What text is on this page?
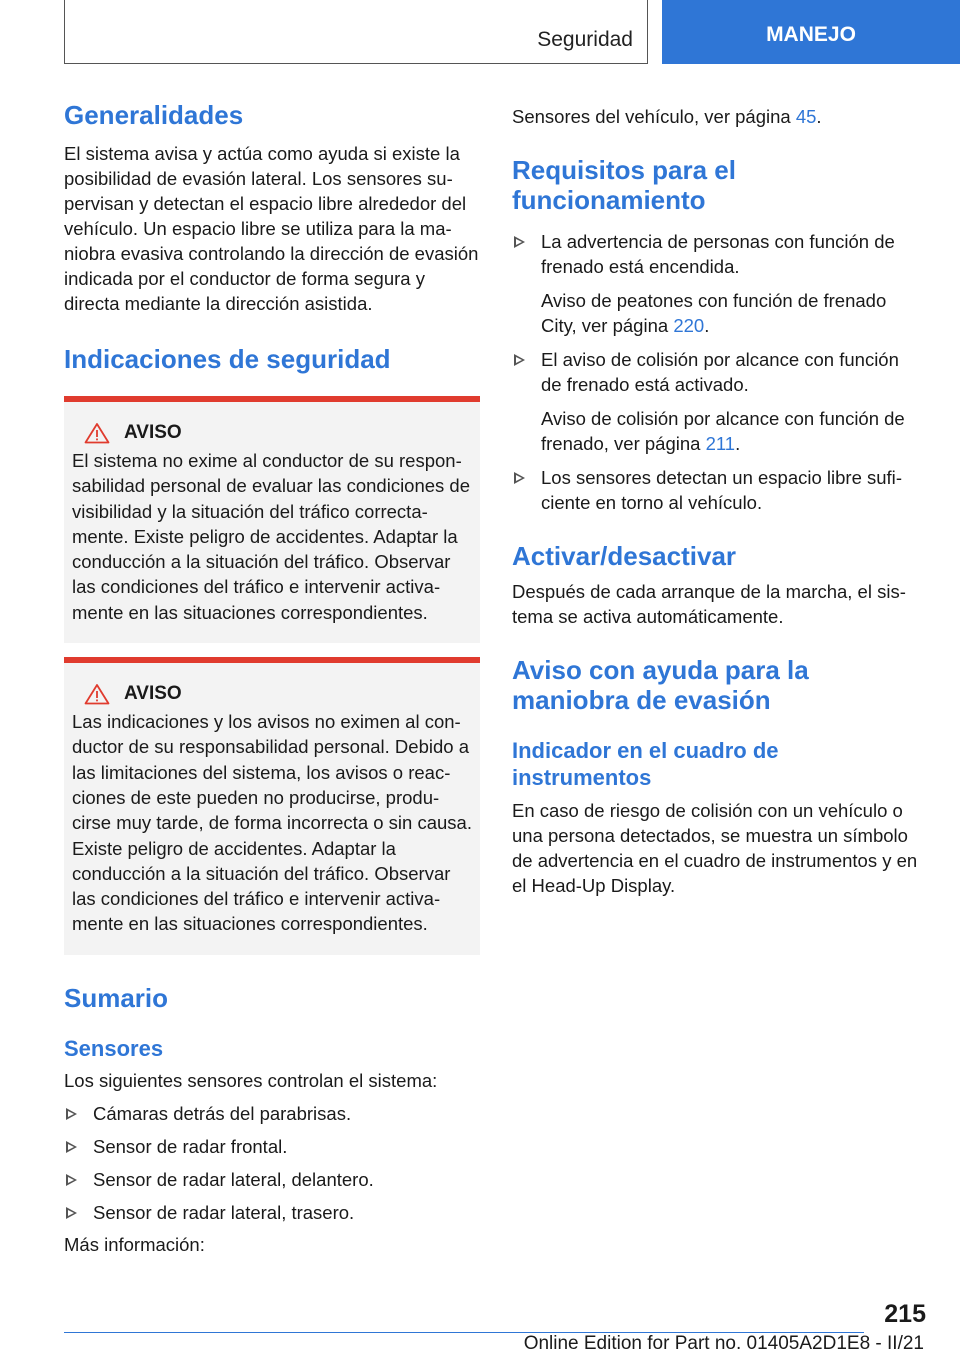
Seguridad	MANEJO
Generalidades

El sistema avisa y actúa como ayuda si existe la posibilidad de evasión lateral. Los sensores supervisan y detectan el espacio libre alrededor del vehículo. Un espacio libre se utiliza para la maniobra evasiva controlando la dirección de evasión indicada por el conductor de forma segura y directa mediante la dirección asistida.

Indicaciones de seguridad
AVISO

El sistema no exime al conductor de su responsabilidad personal de evaluar las condiciones de visibilidad y la situación del tráfico correctamente. Existe peligro de accidentes. Adaptar la conducción a la situación del tráfico. Observar las condiciones del tráfico e intervenir activamente en las situaciones correspondientes.

AVISO

Las indicaciones y los avisos no eximen al conductor de su responsabilidad personal. Debido a las limitaciones del sistema, los avisos o reacciones de este pueden no producirse, producirse muy tarde, de forma incorrecta o sin causa. Existe peligro de accidentes. Adaptar la conducción a la situación del tráfico. Observar las condiciones del tráfico e intervenir activamente en las situaciones correspondientes.

Sumario
Sensores

Los siguientes sensores controlan el sistema:

Cámaras detrás del parabrisas.
Sensor de radar frontal.
Sensor de radar lateral, delantero.
Sensor de radar lateral, trasero.

Más información:

Sensores del vehículo, ver página 45.

Requisitos para el funcionamiento
La advertencia de personas con función de frenado está encendida.
Aviso de peatones con función de frenado City, ver página 220.
El aviso de colisión por alcance con función de frenado está activado.
Aviso de colisión por alcance con función de frenado, ver página 211.
Los sensores detectan un espacio libre suficiente en torno al vehículo.
Activar/desactivar

Después de cada arranque de la marcha, el sistema se activa automáticamente.

Aviso con ayuda para la maniobra de evasión
Indicador en el cuadro de instrumentos

En caso de riesgo de colisión con un vehículo o una persona detectados, se muestra un símbolo de advertencia en el cuadro de instrumentos y en el Head-Up Display.

215
Online Edition for Part no. 01405A2D1E8 - II/21
